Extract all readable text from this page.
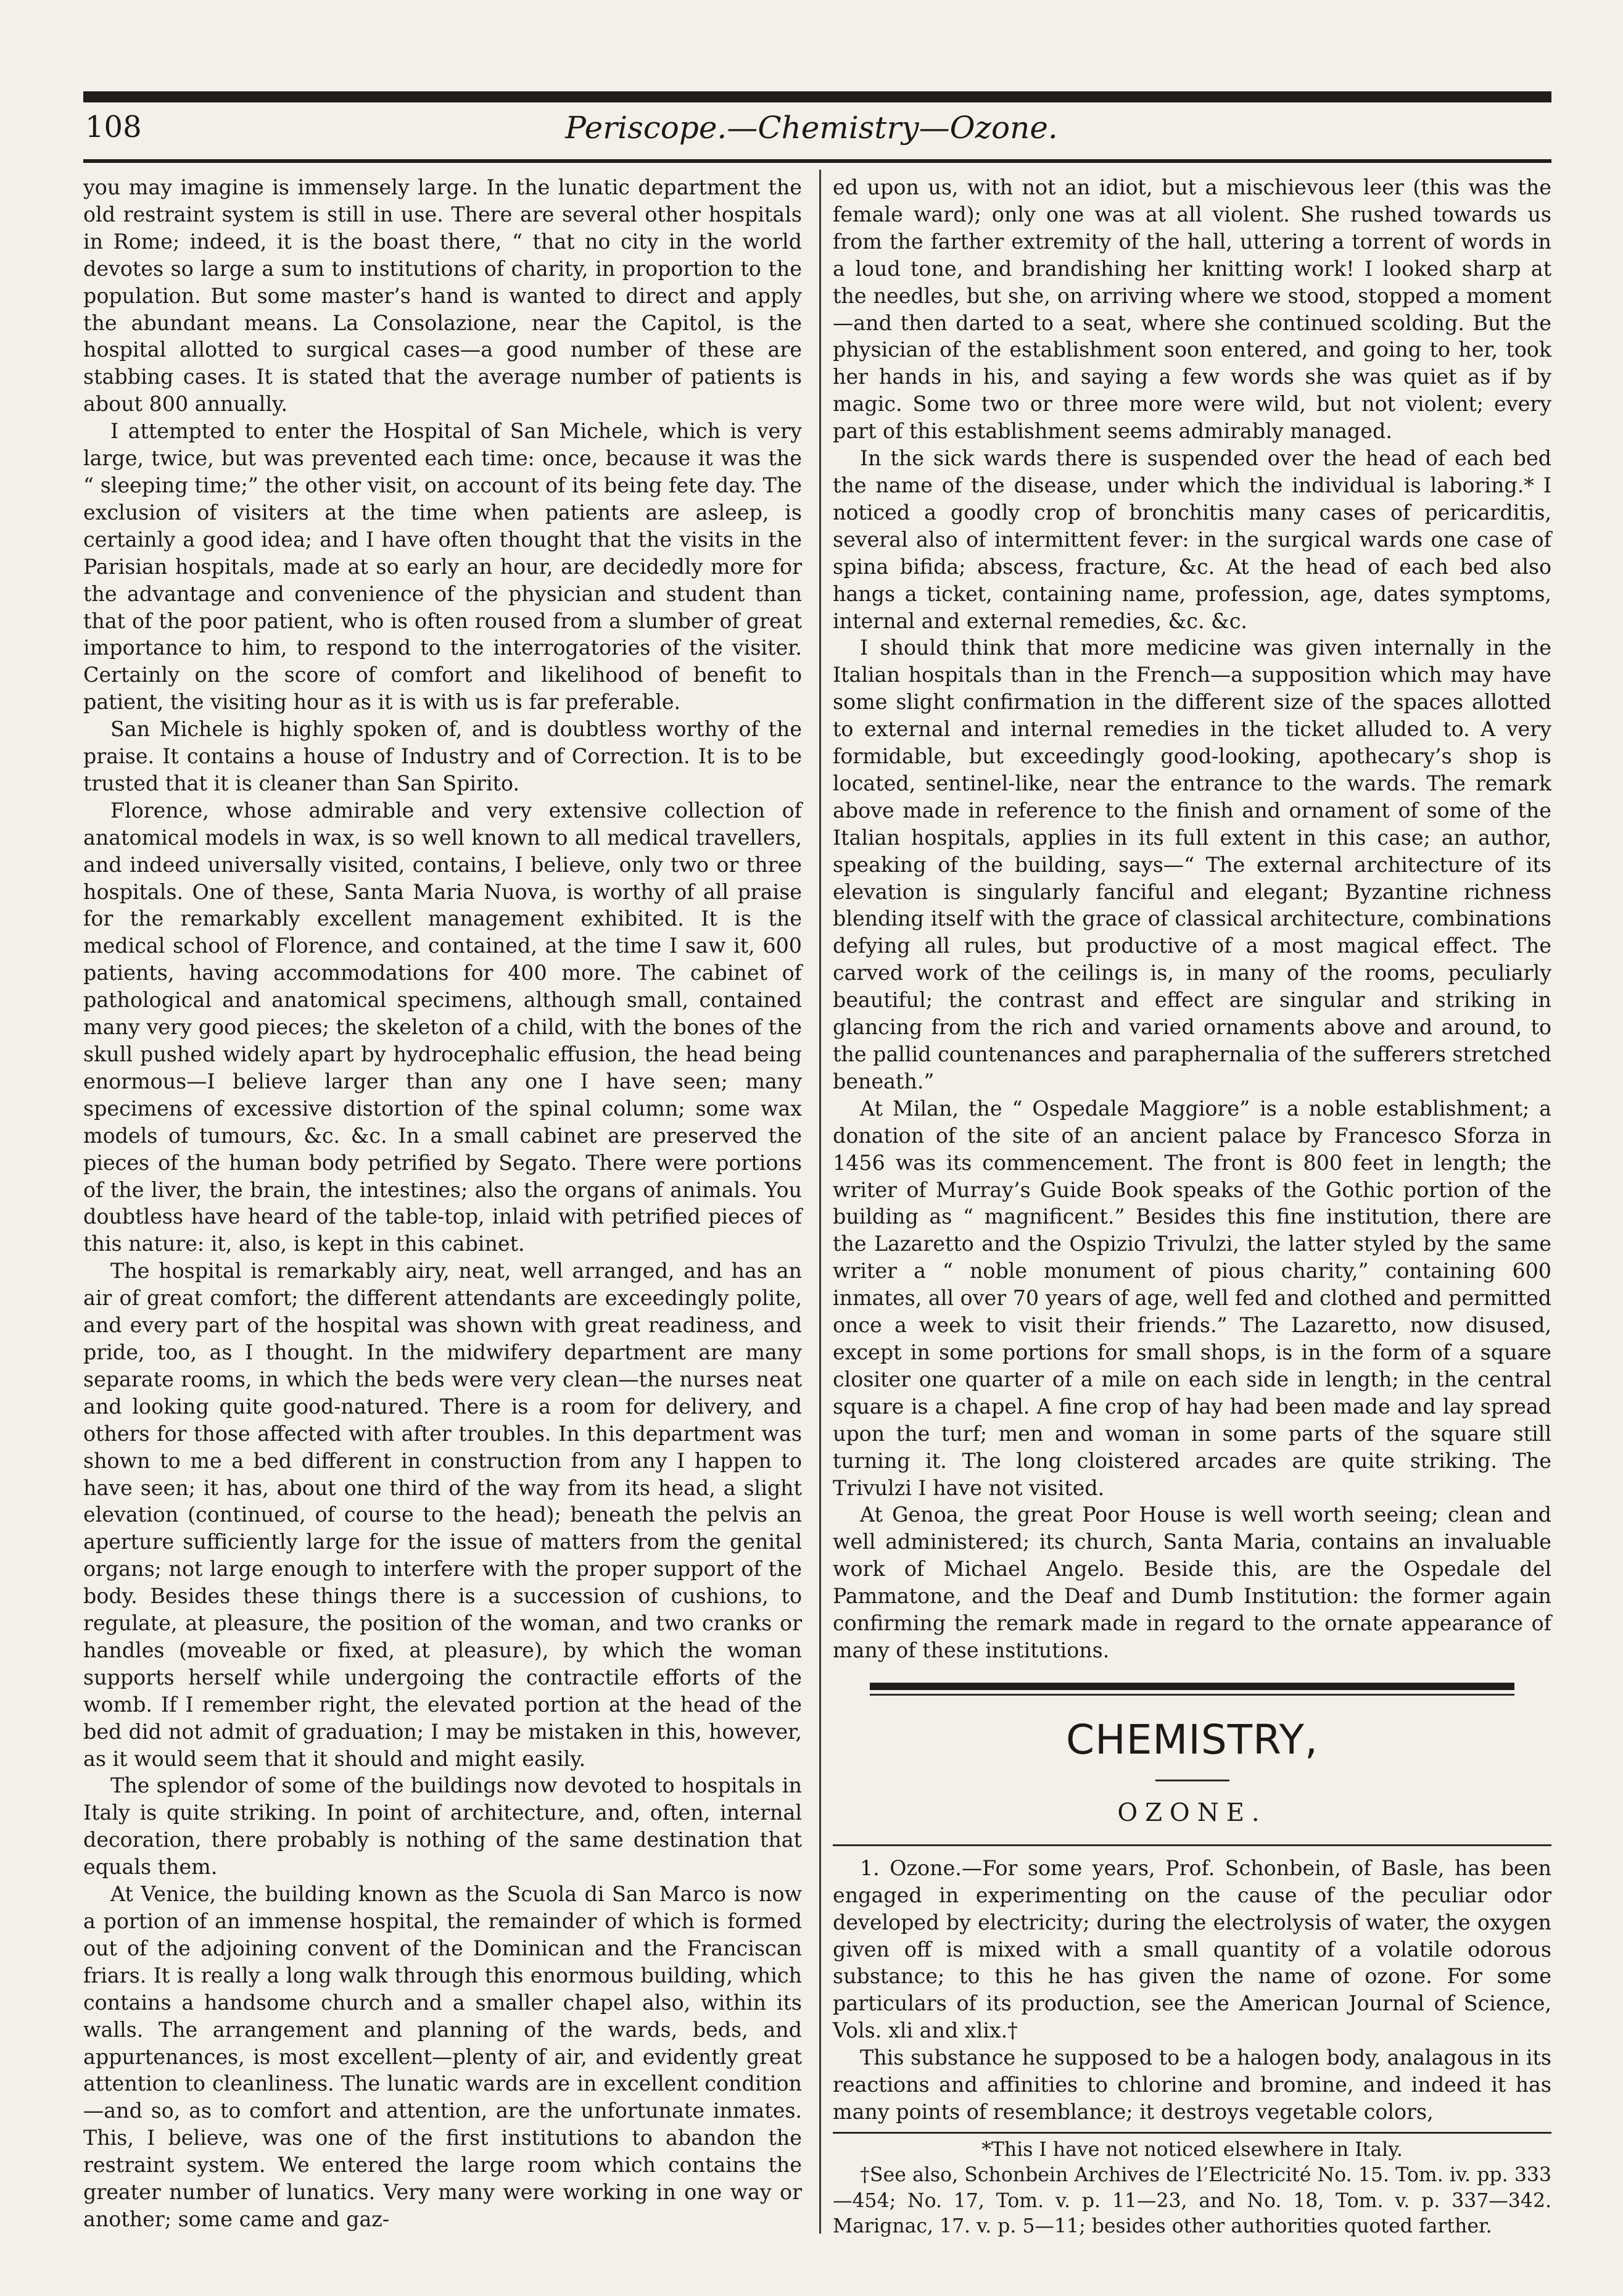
108	Periscope.—Chemistry—Ozone.

you may imagine is immensely large. In the lunatic department the old restraint system is still in use. There are several other hospitals in Rome; indeed, it is the boast there, “ that no city in the world devotes so large a sum to institutions of charity, in proportion to the population. But some master’s hand is wanted to direct and apply the abundant means. La Consolazione, near the Capitol, is the hospital allotted to surgical cases—a good number of these are stabbing cases. It is stated that the average number of patients is about 800 annually.

I attempted to enter the Hospital of San Michele, which is very large, twice, but was prevented each time: once, because it was the “ sleeping time;” the other visit, on account of its being fete day. The exclusion of visiters at the time when patients are asleep, is certainly a good idea; and I have often thought that the visits in the Parisian hospitals, made at so early an hour, are decidedly more for the advantage and convenience of the physician and student than that of the poor patient, who is often roused from a slumber of great importance to him, to respond to the interrogatories of the visiter. Certainly on the score of comfort and likelihood of benefit to patient, the visiting hour as it is with us is far preferable.

San Michele is highly spoken of, and is doubtless worthy of the praise. It contains a house of Industry and of Correction. It is to be trusted that it is cleaner than San Spirito.

Florence, whose admirable and very extensive collection of anatomical models in wax, is so well known to all medical travellers, and indeed universally visited, contains, I believe, only two or three hospitals. One of these, Santa Maria Nuova, is worthy of all praise for the remarkably excellent management exhibited. It is the medical school of Florence, and contained, at the time I saw it, 600 patients, having accommodations for 400 more. The cabinet of pathological and anatomical specimens, although small, contained many very good pieces; the skeleton of a child, with the bones of the skull pushed widely apart by hydrocephalic effusion, the head being enormous—I believe larger than any one I have seen; many specimens of excessive distortion of the spinal column; some wax models of tumours, &c. &c. In a small cabinet are preserved the pieces of the human body petrified by Segato. There were portions of the liver, the brain, the intestines; also the organs of animals. You doubtless have heard of the table-top, inlaid with petrified pieces of this nature: it, also, is kept in this cabinet.

The hospital is remarkably airy, neat, well arranged, and has an air of great comfort; the different attendants are exceedingly polite, and every part of the hospital was shown with great readiness, and pride, too, as I thought. In the midwifery department are many separate rooms, in which the beds were very clean—the nurses neat and looking quite good-natured. There is a room for delivery, and others for those affected with after troubles. In this department was shown to me a bed different in construction from any I happen to have seen; it has, about one third of the way from its head, a slight elevation (continued, of course to the head); beneath the pelvis an aperture sufficiently large for the issue of matters from the genital organs; not large enough to interfere with the proper support of the body. Besides these things there is a succession of cushions, to regulate, at pleasure, the position of the woman, and two cranks or handles (moveable or fixed, at pleasure), by which the woman supports herself while undergoing the contractile efforts of the womb. If I remember right, the elevated portion at the head of the bed did not admit of graduation; I may be mistaken in this, however, as it would seem that it should and might easily.

The splendor of some of the buildings now devoted to hospitals in Italy is quite striking. In point of architecture, and, often, internal decoration, there probably is nothing of the same destination that equals them.

At Venice, the building known as the Scuola di San Marco is now a portion of an immense hospital, the remainder of which is formed out of the adjoining convent of the Dominican and the Franciscan friars. It is really a long walk through this enormous building, which contains a handsome church and a smaller chapel also, within its walls. The arrangement and planning of the wards, beds, and appurtenances, is most excellent—plenty of air, and evidently great attention to cleanliness. The lunatic wards are in excellent condition—and so, as to comfort and attention, are the unfortunate inmates. This, I believe, was one of the first institutions to abandon the restraint system. We entered the large room which contains the greater number of lunatics. Very many were working in one way or another; some came and gaz-

ed upon us, with not an idiot, but a mischievous leer (this was the female ward); only one was at all violent. She rushed towards us from the farther extremity of the hall, uttering a torrent of words in a loud tone, and brandishing her knitting work! I looked sharp at the needles, but she, on arriving where we stood, stopped a moment—and then darted to a seat, where she continued scolding. But the physician of the establishment soon entered, and going to her, took her hands in his, and saying a few words she was quiet as if by magic. Some two or three more were wild, but not violent; every part of this establishment seems admirably managed.

In the sick wards there is suspended over the head of each bed the name of the disease, under which the individual is laboring.* I noticed a goodly crop of bronchitis many cases of pericarditis, several also of intermittent fever: in the surgical wards one case of spina bifida; abscess, fracture, &c. At the head of each bed also hangs a ticket, containing name, profession, age, dates symptoms, internal and external remedies, &c. &c.

I should think that more medicine was given internally in the Italian hospitals than in the French—a supposition which may have some slight confirmation in the different size of the spaces allotted to external and internal remedies in the ticket alluded to. A very formidable, but exceedingly good-looking, apothecary’s shop is located, sentinel-like, near the entrance to the wards. The remark above made in reference to the finish and ornament of some of the Italian hospitals, applies in its full extent in this case; an author, speaking of the building, says—“ The external architecture of its elevation is singularly fanciful and elegant; Byzantine richness blending itself with the grace of classical architecture, combinations defying all rules, but productive of a most magical effect. The carved work of the ceilings is, in many of the rooms, peculiarly beautiful; the contrast and effect are singular and striking in glancing from the rich and varied ornaments above and around, to the pallid countenances and paraphernalia of the sufferers stretched beneath.”

At Milan, the “ Ospedale Maggiore” is a noble establishment; a donation of the site of an ancient palace by Francesco Sforza in 1456 was its commencement. The front is 800 feet in length; the writer of Murray’s Guide Book speaks of the Gothic portion of the building as “ magnificent.” Besides this fine institution, there are the Lazaretto and the Ospizio Trivulzi, the latter styled by the same writer a “ noble monument of pious charity,” containing 600 inmates, all over 70 years of age, well fed and clothed and permitted once a week to visit their friends.” The Lazaretto, now disused, except in some portions for small shops, is in the form of a square clositer one quarter of a mile on each side in length; in the central square is a chapel. A fine crop of hay had been made and lay spread upon the turf; men and woman in some parts of the square still turning it. The long cloistered arcades are quite striking. The Trivulzi I have not visited.

At Genoa, the great Poor House is well worth seeing; clean and well administered; its church, Santa Maria, contains an invaluable work of Michael Angelo. Beside this, are the Ospedale del Pammatone, and the Deaf and Dumb Institution: the former again confirming the remark made in regard to the ornate appearance of many of these institutions.

CHEMISTRY,
OZONE.

1. Ozone.—For some years, Prof. Schonbein, of Basle, has been engaged in experimenting on the cause of the peculiar odor developed by electricity; during the electrolysis of water, the oxygen given off is mixed with a small quantity of a volatile odorous substance; to this he has given the name of ozone. For some particulars of its production, see the American Journal of Science, Vols. xli and xlix.†

This substance he supposed to be a halogen body, analagous in its reactions and affinities to chlorine and bromine, and indeed it has many points of resemblance; it destroys vegetable colors,

*This I have not noticed elsewhere in Italy.

†See also, Schonbein Archives de l’Electricité No. 15. Tom. iv. pp. 333—454; No. 17, Tom. v. p. 11—23, and No. 18, Tom. v. p. 337—342. Marignac, 17. v. p. 5—11; besides other authorities quoted farther.
